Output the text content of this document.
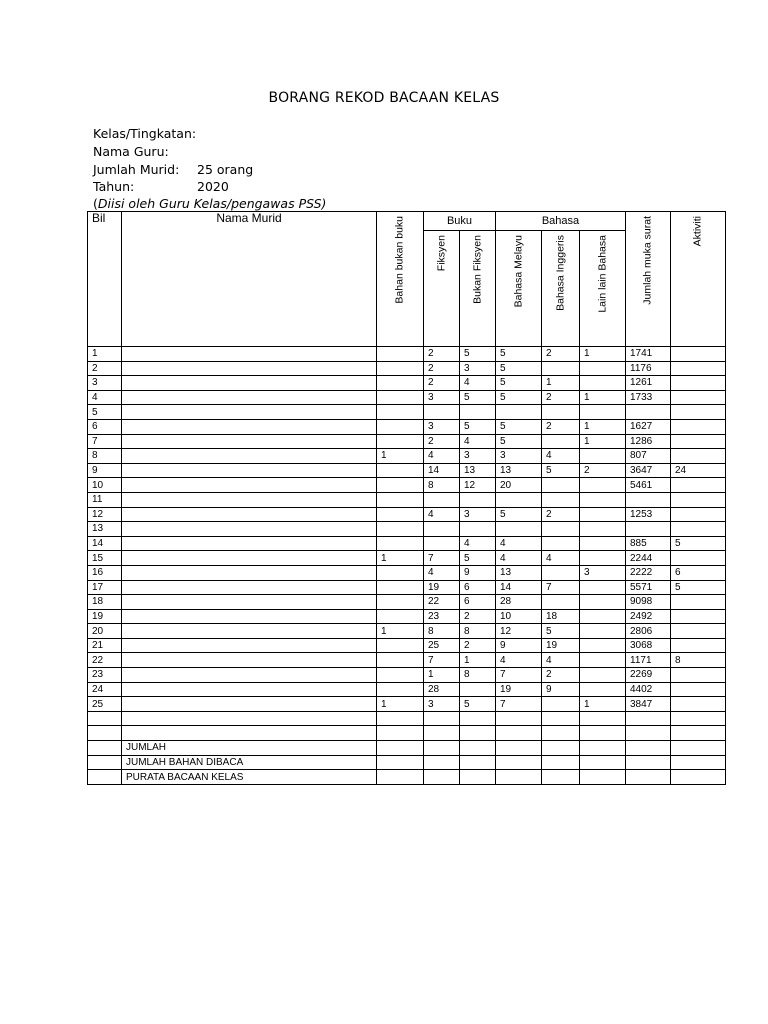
BORANG REKOD BACAAN KELAS
Kelas/Tingkatan:
Nama Guru:
Jumlah Murid: 25 orang
Tahun:	2020
(Diisi oleh Guru Kelas/pengawas PSS)
Bil	Nama Murid	Bahan bukan buku	Buku		Bahasa			Jumlah muka surat	Aktiviti

			Fiksyen	Bukan Fiksyen	Bahasa Melayu	Bahasa Inggeris	Lain lain Bahasa		

1			2	5	5	2	1	1741	
2			2	3	5			1176	
3			2	4	5	1		1261	
4			3	5	5	2	1	1733	
5									
6			3	5	5	2	1	1627	
7			2	4	5		1	1286	
8		1	4	3	3	4		807	
9			14	13	13	5	2	3647	24
10			8	12	20			5461	
11									
12			4	3	5	2		1253	
13									
14				4	4			885	5
15		1	7	5	4	4		2244	
16			4	9	13		3	2222	6
17			19	6	14	7		5571	5
18			22	6	28			9098	
19			23	2	10	18		2492	
20		1	8	8	12	5		2806	
21			25	2	9	19		3068	
22			7	1	4	4		1171	8
23			1	8	7	2		2269	
24			28		19	9		4402	
25		1	3	5	7		1	3847	

	JUMLAH								
	JUMLAH BAHAN DIBACA								
	PURATA BACAAN KELAS								
